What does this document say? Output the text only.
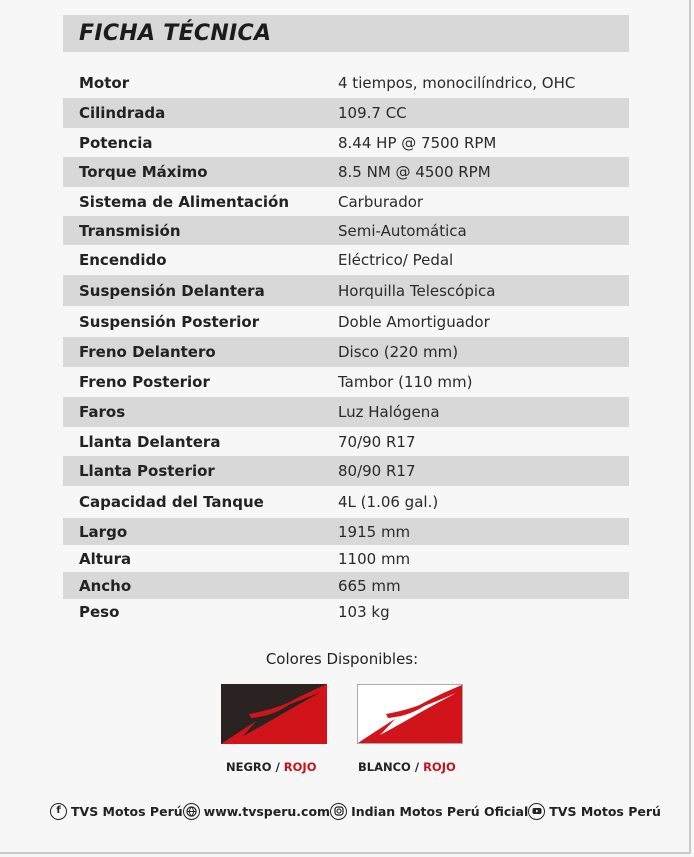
FICHA TÉCNICA
Motor	4 tiempos, monocilíndrico, OHC
Cilindrada	109.7 CC
Potencia	8.44 HP @ 7500 RPM
Torque Máximo	8.5 NM @ 4500 RPM
Sistema de Alimentación	Carburador
Transmisión	Semi-Automática
Encendido	Eléctrico/ Pedal
Suspensión Delantera	Horquilla Telescópica
Suspensión Posterior	Doble Amortiguador
Freno Delantero	Disco (220 mm)
Freno Posterior	Tambor (110 mm)
Faros	Luz Halógena
Llanta Delantera	70/90 R17
Llanta Posterior	80/90 R17
Capacidad del Tanque	4L (1.06 gal.)
Largo	1915 mm
Altura	1100 mm
Ancho	665 mm
Peso	103 kg
Colores Disponibles:
NEGRO / ROJO	BLANCO / ROJO
f TVS Motos Perú www.tvsperu.com Indian Motos Perú Oficial TVS Motos Perú
